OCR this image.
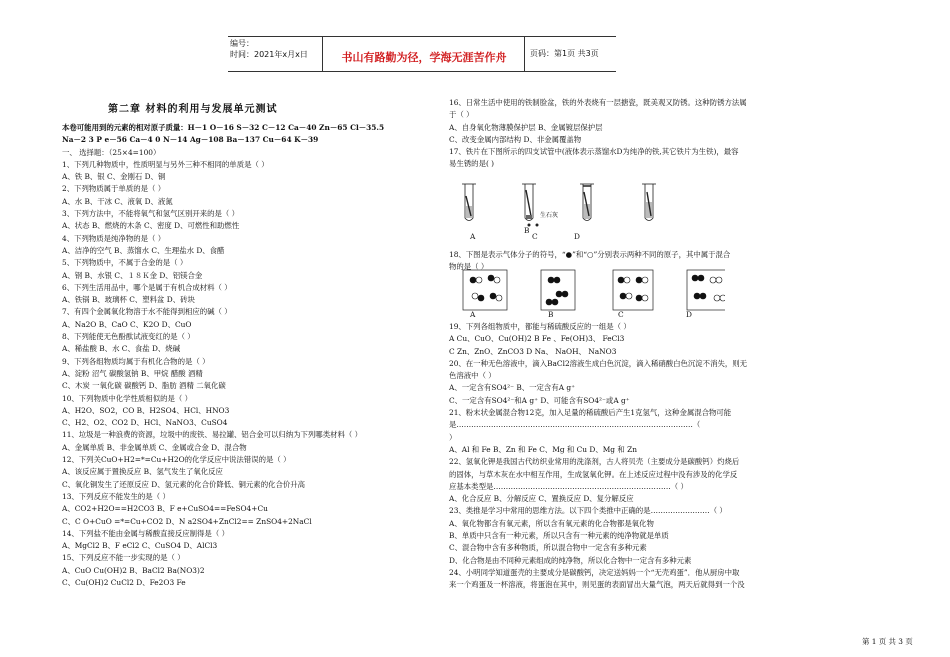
编号：
时间：2021年x月x日	书山有路勤为径，学海无涯苦作舟	页码：第1页 共3页
第二章 材料的利用与发展单元测试
本卷可能用到的元素的相对原子质量：H－1 O－16 S－32 C－12 Ca－40 Zn－65 Cl－35.5
Na－2 3 P e－56 Ca－4 0 N－14 Ag－108 Ba－137 Cu－64 K－39
一、 选择题：（25×4=100）
1、下列几种物质中，性质明显与另外三种不相同的单质是（ ）
A、铁 B、银 C、金刚石 D、铜
2、下列物质属于单质的是（ ）
A、水 B、干冰 C、液氧 D、液氮
3、下列方法中，不能将氧气和氢气区别开来的是（ ）
A、状态 B、燃烧的木条 C、密度 D、可燃性和助燃性
4、下列物质是纯净物的是（ ）
A、洁净的空气 B、蒸馏水 C、生理盐水 D、食醋
5、下列物质中，不属于合金的是（ ）
A、钢 B、水银 C、１８Ｋ金 D、铝镁合金
6、下列生活用品中，哪个是属于有机合成材料（ ）
A、铁锅 B、玻璃杯 C、塑料盆 D、砖块
7、有四个金属氧化物溶于水不能得到相应的碱（ ）
A、Na2O B、CaO C、K2O D、CuO
8、下列能使无色酚酞试液变红的是（ ）
A、稀盐酸 B、水 C、食盐 D、烧碱
9、下列各组物质均属于有机化合物的是（ ）
A、淀粉 沼气 碳酸氢钠 B、甲烷 醋酸 酒精
C、木炭 一氧化碳 碳酸钙 D、脂肪 酒精 二氧化碳
10、下列物质中化学性质相似的是（ ）
A、H2O、SO2，CO B、H2SO4、HCl、HNO3
C、H2、O2、CO2 D、HCl、NaNO3、CuSO4
11、垃圾是一种浪费的资源，垃圾中的废铁、易拉罐、铝合金可以归纳为下列哪类材料（ ）
A、金属单质 B、非金属单质 C、金属或合金 D、混合物
12、下列关CuO+H2=*=Cu+H2O的化学反应中说法错误的是（ ）
A、该反应属于置换反应 B、氢气发生了氧化反应
C、氧化铜发生了还原反应 D、氢元素的化合价降低、铜元素的化合价升高
13、下列反应不能发生的是（ ）
A、CO2+H2O==H2CO3 B、F e+CuSO4==FeSO4+Cu
C、C O+CuO =*=Cu+CO2 D、N a2SO4+ZnCl2== ZnSO4+2NaCl
14、下列盐不能由金属与稀酸直接反应制得是（ ）
A、MgCl2 B、F eCl2 C、CuSO4 D、AlCl3
15、下列反应不能一步实现的是（ ）
A、CuO Cu(OH)2 B、BaCl2 Ba(NO3)2
C、Cu(OH)2 CuCl2 D、Fe2O3 Fe
16、日常生活中使用的铁制脸盆，铁的外表烧有一层搪瓷，既美观又防锈。这种防锈方法属
于（ ）
A、自身氧化物薄膜保护层 B、金属镀层保护层
C、改变金属内部结构 D、非金属覆盖物
17、铁片在下图所示的四支试管中(液体表示蒸馏水D为纯净的铁,其它铁片为生铁)，最容
易生锈的是( )
A
B
C	D
生石灰
18、下图是表示气体分子的符号，“●”和“○”分别表示两种不同的原子，其中属于混合
物的是（ ）
A	B	C	D
19、下列各组物质中，都能与稀硫酸反应的一组是（ ）
A Cu、CuO、Cu(OH)2 B Fe 、Fe(OH)3、 FeCl3
C Zn、ZnO、ZnCO3 D Na、 NaOH、 NaNO3
20、在一种无色溶液中，滴入BaCl2溶液生成白色沉淀，滴入稀硝酸白色沉淀不消失，则无
色溶液中（ ）
A、一定含有SO4²⁻ B、一定含有A g⁺
C、一定含有SO4²⁻和A g⁺ D、可能含有SO4²⁻或A g⁺
21、粉末状金属混合物12克，加入足量的稀硫酸后产生1克氢气，这种金属混合物可能
是……………………………………………………………………………………（
）
A、Al 和 Fe B、Zn 和 Fe C、Mg 和 Cu D、Mg 和 Zn
22、氢氧化钾是我国古代纺织业常用的洗涤剂，古人将贝壳（主要成分是碳酸钙）灼烧后
的固体，与草木灰在水中相互作用，生成氢氧化钾。在上述反应过程中没有涉及的化学反
应基本类型是………………………………………………………………（ ）
A、化合反应 B、分解反应 C、置换反应 D、复分解反应
23、类推是学习中常用的思维方法。以下四个类推中正确的是……………………（ ）
A、氧化物都含有氧元素，所以含有氧元素的化合物都是氧化物
B、单质中只含有一种元素，所以只含有一种元素的纯净物就是单质
C、混合物中含有多种物质，所以混合物中一定含有多种元素
D、化合物是由不同种元素组成的纯净物，所以化合物中一定含有多种元素
24、小明同学知道蛋壳的主要成分是碳酸钙，决定送妈妈一个“无壳鸡蛋”．他从厨房中取
来一个鸡蛋及一杯溶液，将蛋泡在其中，则见蛋的表面冒出大量气泡，两天后就得到一个没
第 1 页 共 3 页
